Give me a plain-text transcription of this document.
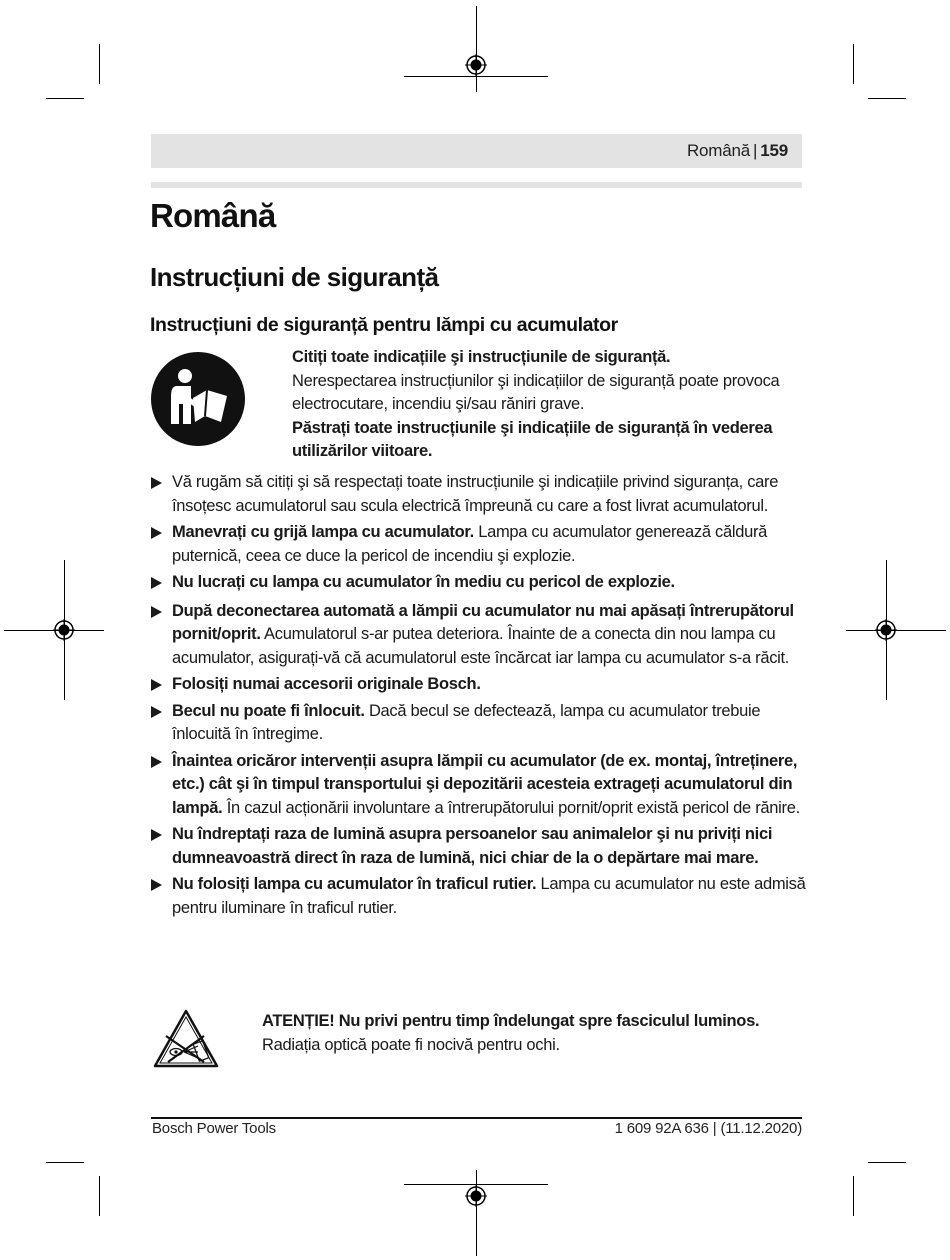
Română | 159
Română
Instrucțiuni de siguranță
Instrucțiuni de siguranță pentru lămpi cu acumulator

Citiți toate indicațiile şi instrucțiunile de siguranță.
Nerespectarea instrucțiunilor şi indicațiilor de siguranță poate provoca electrocutare, incendiu şi/sau răniri grave.

Păstrați toate instrucțiunile şi indicațiile de siguranță în vederea utilizărilor viitoare.

Vă rugăm să citiți şi să respectați toate instrucțiunile şi indicațiile privind siguranța, care însoțesc acumulatorul sau scula electrică împreună cu care a fost livrat acumulatorul.
Manevrați cu grijă lampa cu acumulator. Lampa cu acumulator generează căldură puternică, ceea ce duce la pericol de incendiu şi explozie.
Nu lucrați cu lampa cu acumulator în mediu cu pericol de explozie.
După deconectarea automată a lămpii cu acumulator nu mai apăsați întrerupătorul pornit/oprit. Acumulatorul s-ar putea deteriora. Înainte de a conecta din nou lampa cu acumulator, asigurați-vă că acumulatorul este încărcat iar lampa cu acumulator s-a răcit.
Folosiți numai accesorii originale Bosch.
Becul nu poate fi înlocuit. Dacă becul se defectează, lampa cu acumulator trebuie înlocuită în întregime.
Înaintea oricăror intervenții asupra lămpii cu acumulator (de ex. montaj, întreținere, etc.) cât şi în timpul transportului şi depozitării acesteia extrageți acumulatorul din lampă. În cazul acționării involuntare a întrerupătorului pornit/oprit există pericol de rănire.
Nu îndreptați raza de lumină asupra persoanelor sau animalelor şi nu priviți nici dumneavoastră direct în raza de lumină, nici chiar de la o depărtare mai mare.
Nu folosiți lampa cu acumulator în traficul rutier. Lampa cu acumulator nu este admisă pentru iluminare în traficul rutier.

ATENȚIE! Nu privi pentru timp îndelungat spre fasciculul luminos.

Radiația optică poate fi nocivă pentru ochi.

Bosch Power Tools	1 609 92A 636 | (11.12.2020)
